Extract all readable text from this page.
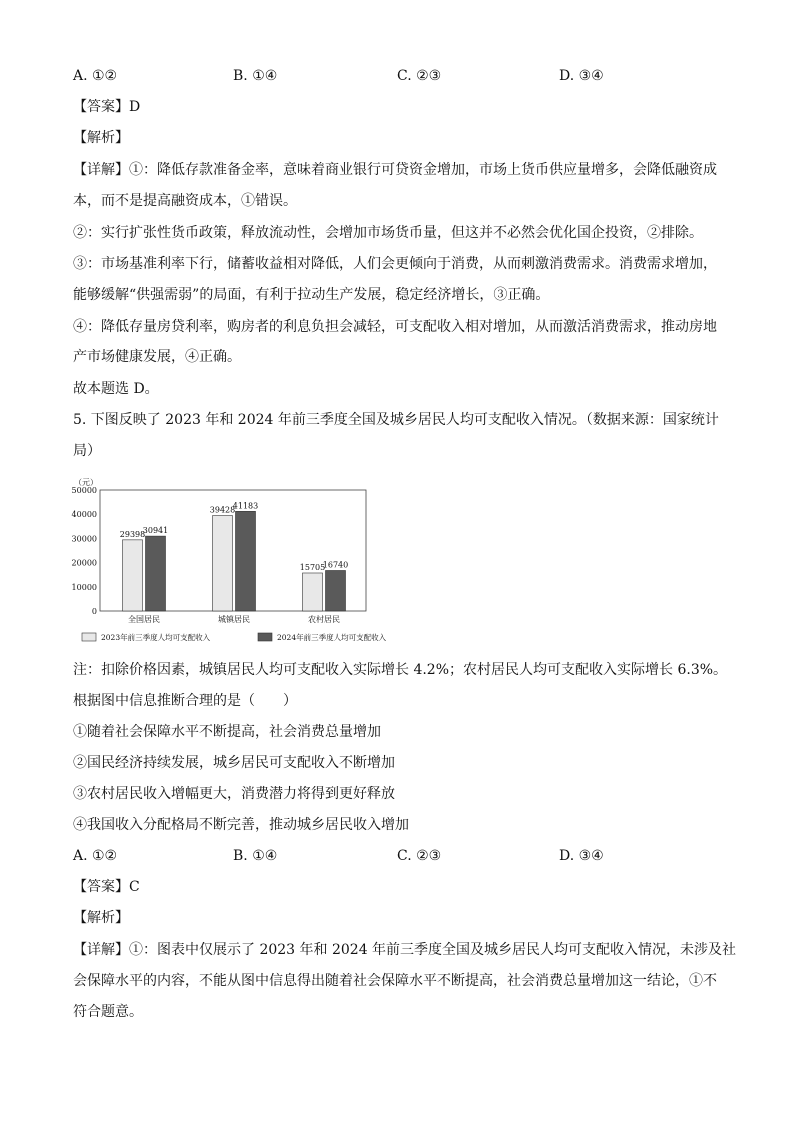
A. ①②	B. ①④	C. ②③	D. ③④
【答案】D
【解析】
【详解】①：降低存款准备金率，意味着商业银行可贷资金增加，市场上货币供应量增多，会降低融资成
本，而不是提高融资成本，①错误。
②：实行扩张性货币政策，释放流动性，会增加市场货币量，但这并不必然会优化国企投资，②排除。
③：市场基准利率下行，储蓄收益相对降低，人们会更倾向于消费，从而刺激消费需求。消费需求增加，
能够缓解“供强需弱”的局面，有利于拉动生产发展，稳定经济增长，③正确。
④：降低存量房贷利率，购房者的利息负担会减轻，可支配收入相对增加，从而激活消费需求，推动房地
产市场健康发展，④正确。
故本题选 D。
5. 下图反映了 2023 年和 2024 年前三季度全国及城乡居民人均可支配收入情况。（数据来源：国家统计
局）
（元）
50000
40000
30000
20000
10000
0
29398
30941
39428
41183
15705
16740
全国居民	城镇居民	农村居民
2023年前三季度人均可支配收入	2024年前三季度人均可支配收入
注：扣除价格因素，城镇居民人均可支配收入实际增长 4.2%；农村居民人均可支配收入实际增长 6.3%。
根据图中信息推断合理的是（　　）
①随着社会保障水平不断提高，社会消费总量增加
②国民经济持续发展，城乡居民可支配收入不断增加
③农村居民收入增幅更大，消费潜力将得到更好释放
④我国收入分配格局不断完善，推动城乡居民收入增加
A. ①②	B. ①④	C. ②③	D. ③④
【答案】C
【解析】
【详解】①：图表中仅展示了 2023 年和 2024 年前三季度全国及城乡居民人均可支配收入情况，未涉及社
会保障水平的内容，不能从图中信息得出随着社会保障水平不断提高，社会消费总量增加这一结论，①不
符合题意。
